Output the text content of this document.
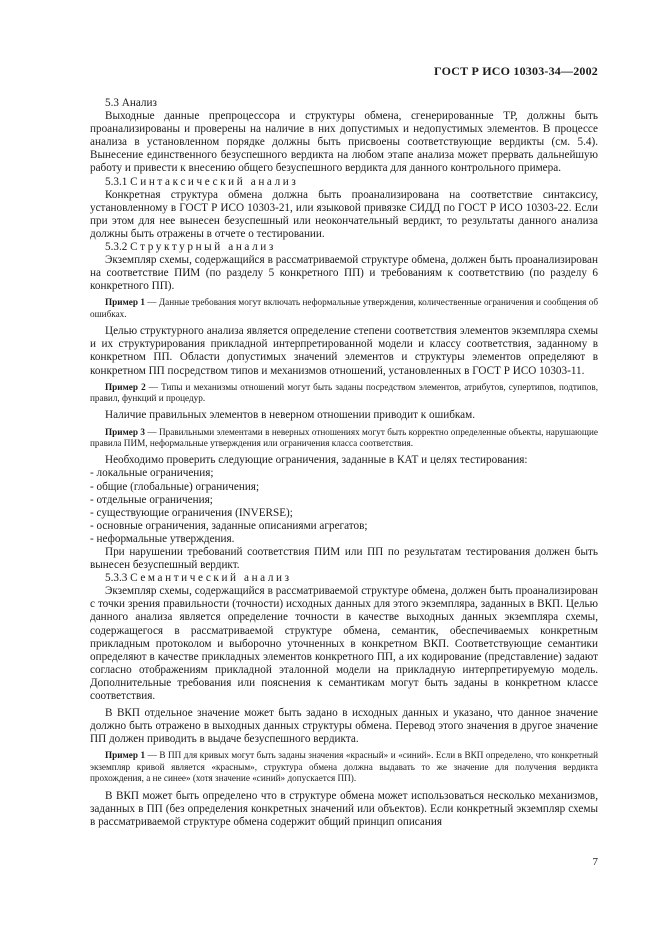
ГОСТ Р ИСО 10303-34—2002

5.3 Анализ

Выходные данные препроцессора и структуры обмена, сгенерированные ТР, должны быть проанализированы и проверены на наличие в них допустимых и недопустимых элементов. В процессе анализа в установленном порядке должны быть присвоены соответствующие вердикты (см. 5.4). Вынесение единственного безуспешного вердикта на любом этапе анализа может прервать дальнейшую работу и привести к внесению общего безуспешного вердикта для данного контрольного примера.

5.3.1 Синтаксический анализ

Конкретная структура обмена должна быть проанализирована на соответствие синтаксису, установленному в ГОСТ Р ИСО 10303-21, или языковой привязке СИДД по ГОСТ Р ИСО 10303-22. Если при этом для нее вынесен безуспешный или неокончательный вердикт, то результаты данного анализа должны быть отражены в отчете о тестировании.

5.3.2 Структурный анализ

Экземпляр схемы, содержащийся в рассматриваемой структуре обмена, должен быть проанализирован на соответствие ПИМ (по разделу 5 конкретного ПП) и требованиям к соответствию (по разделу 6 конкретного ПП).

Пример 1 — Данные требования могут включать неформальные утверждения, количественные ограничения и сообщения об ошибках.

Целью структурного анализа является определение степени соответствия элементов экземпляра схемы и их структурирования прикладной интерпретированной модели и классу соответствия, заданному в конкретном ПП. Области допустимых значений элементов и структуры элементов определяют в конкретном ПП посредством типов и механизмов отношений, установленных в ГОСТ Р ИСО 10303-11.

Пример 2 — Типы и механизмы отношений могут быть заданы посредством элементов, атрибутов, супертипов, подтипов, правил, функций и процедур.

Наличие правильных элементов в неверном отношении приводит к ошибкам.

Пример 3 — Правильными элементами в неверных отношениях могут быть корректно определенные объекты, нарушающие правила ПИМ, неформальные утверждения или ограничения класса соответствия.

Необходимо проверить следующие ограничения, заданные в КАТ и целях тестирования:

- локальные ограничения;

- общие (глобальные) ограничения;

- отдельные ограничения;

- существующие ограничения (INVERSE);

- основные ограничения, заданные описаниями агрегатов;

- неформальные утверждения.

При нарушении требований соответствия ПИМ или ПП по результатам тестирования должен быть вынесен безуспешный вердикт.

5.3.3 Семантический анализ

Экземпляр схемы, содержащийся в рассматриваемой структуре обмена, должен быть проанализирован с точки зрения правильности (точности) исходных данных для этого экземпляра, заданных в ВКП. Целью данного анализа является определение точности в качестве выходных данных экземпляра схемы, содержащегося в рассматриваемой структуре обмена, семантик, обеспечиваемых конкретным прикладным протоколом и выборочно уточненных в конкретном ВКП. Соответствующие семантики определяют в качестве прикладных элементов конкретного ПП, а их кодирование (представление) задают согласно отображениям прикладной эталонной модели на прикладную интерпретируемую модель. Дополнительные требования или пояснения к семантикам могут быть заданы в конкретном классе соответствия.

В ВКП отдельное значение может быть задано в исходных данных и указано, что данное значение должно быть отражено в выходных данных структуры обмена. Перевод этого значения в другое значение ПП должен приводить в выдаче безуспешного вердикта.

Пример 1 — В ПП для кривых могут быть заданы значения «красный» и «синий». Если в ВКП определено, что конкретный экземпляр кривой является «красным», структура обмена должна выдавать то же значение для получения вердикта прохождения, а не синее» (хотя значение «синий» допускается ПП).

В ВКП может быть определено что в структуре обмена может использоваться несколько механизмов, заданных в ПП (без определения конкретных значений или объектов). Если конкретный экземпляр схемы в рассматриваемой структуре обмена содержит общий принцип описания

7
